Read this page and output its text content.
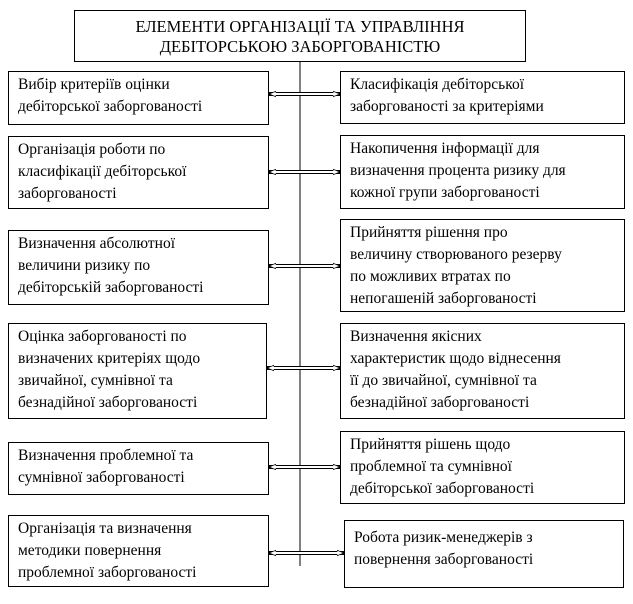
ЕЛЕМЕНТИ ОРГАНІЗАЦІЇ ТА УПРАВЛІННЯ
ДЕБІТОРСЬКОЮ ЗАБОРГОВАНІСТЮ
Вибір критеріїв оцінки
дебіторської заборгованості
Організація роботи по
класифікації дебіторської
заборгованості
Визначення абсолютної
величини ризику по
дебіторській заборгованості
Оцінка заборгованості по
визначених критеріях щодо
звичайної, сумнівної та
безнадійної заборгованості
Визначення проблемної та
сумнівної заборгованості
Організація та визначення
методики повернення
проблемної заборгованості
Класифікація дебіторської
заборгованості за критеріями
Накопичення інформації для
визначення процента ризику для
кожної групи заборгованості
Прийняття рішення про
величину створюваного резерву
по можливих втратах по
непогашеній заборгованості
Визначення якісних
характеристик щодо віднесення
її до звичайної, сумнівної та
безнадійної заборгованості
Прийняття рішень щодо
проблемної та сумнівної
дебіторської заборгованості
Робота ризик-менеджерів з
повернення заборгованості
